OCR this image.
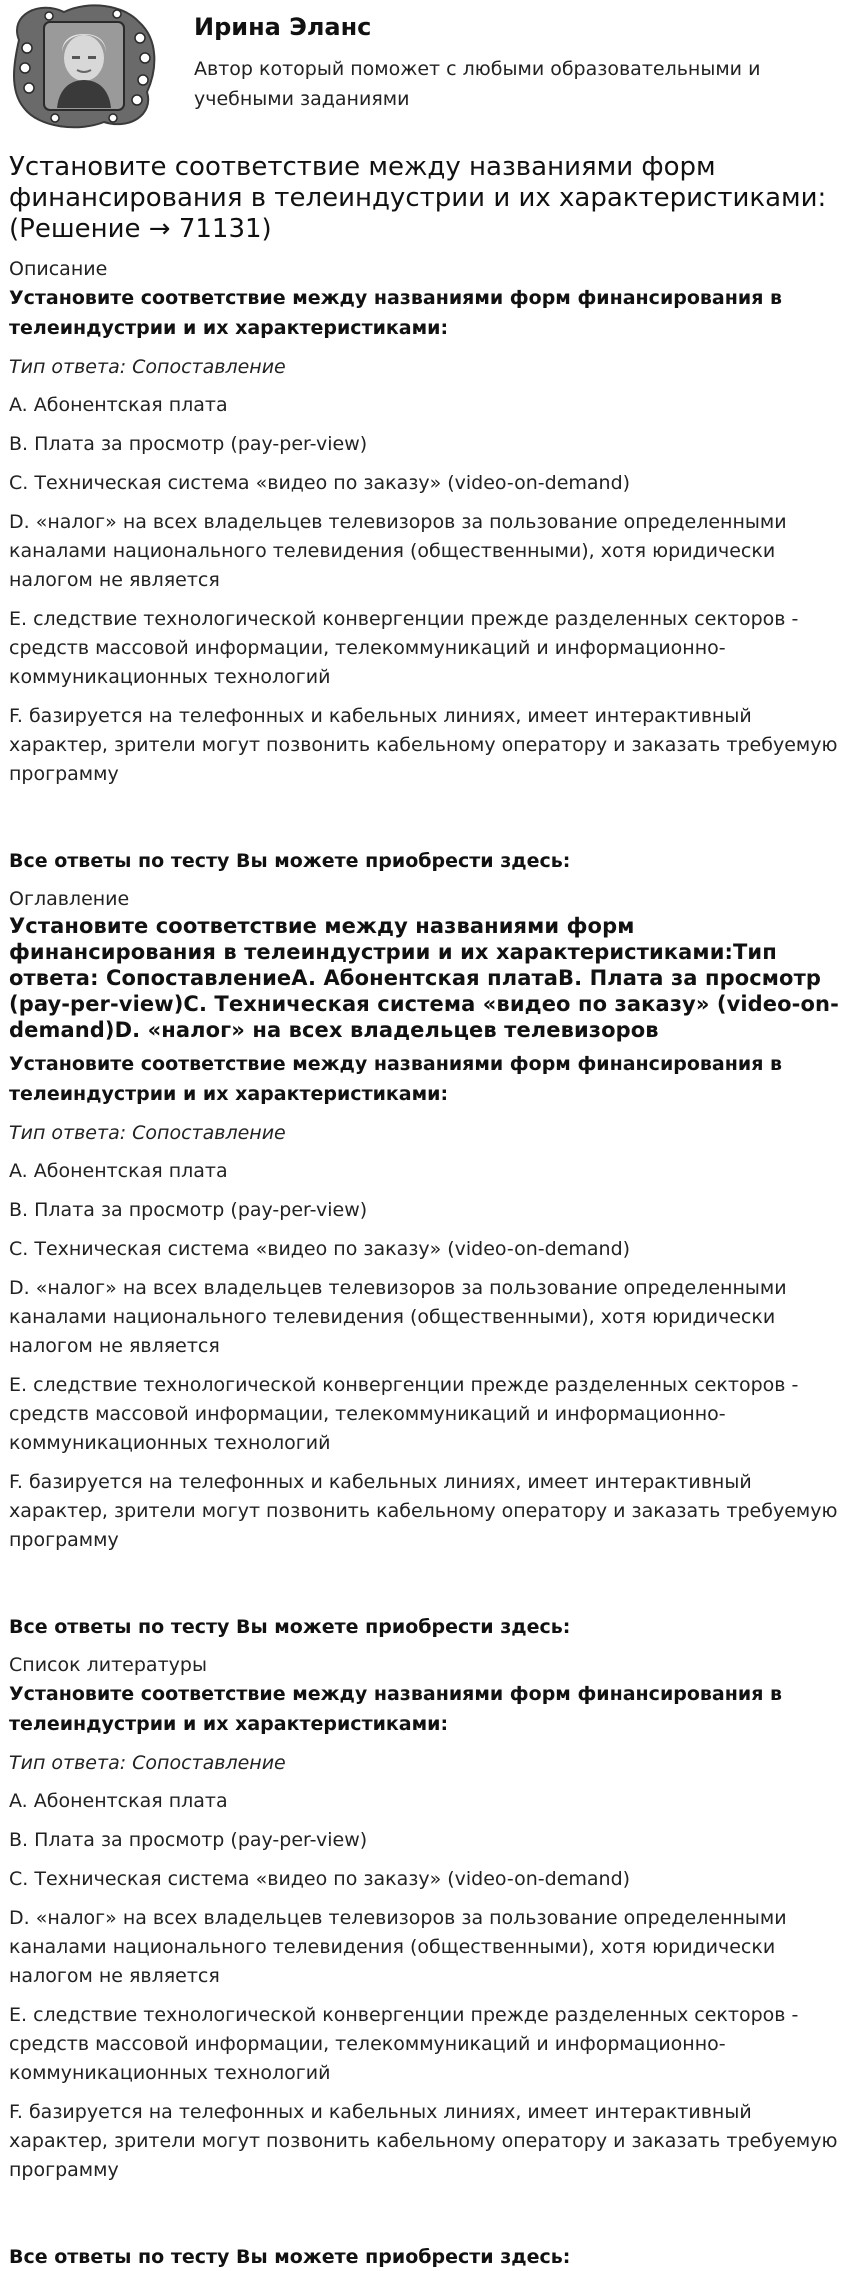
Ирина Эланс

Автор который поможет с любыми образовательными и учебными заданиями

Установите соответствие между названиями форм финансирования в телеиндустрии и их характеристиками: (Решение → 71131)

Описание

Установите соответствие между названиями форм финансирования в телеиндустрии и их характеристиками:

Тип ответа: Сопоставление

A. Абонентская плата

B. Плата за просмотр (pay-per-view)

C. Техническая система «видео по заказу» (video-on-demand)

D. «налог» на всех владельцев телевизоров за пользование определенными каналами национального телевидения (общественными), хотя юридически налогом не является

E. следствие технологической конвергенции прежде разделенных секторов - средств массовой информации, телекоммуникаций и информационно-коммуникационных технологий

F. базируется на телефонных и кабельных линиях, имеет интерактивный характер, зрители могут позвонить кабельному оператору и заказать требуемую программу

Все ответы по тесту Вы можете приобрести здесь:

Оглавление

Установите соответствие между названиями форм финансирования в телеиндустрии и их характеристиками:Тип ответа: СопоставлениеA. Абонентская платаB. Плата за просмотр (pay-per-view)C. Техническая система «видео по заказу» (video-on-demand)D. «налог» на всех владельцев телевизоров

Установите соответствие между названиями форм финансирования в телеиндустрии и их характеристиками:

Тип ответа: Сопоставление

A. Абонентская плата

B. Плата за просмотр (pay-per-view)

C. Техническая система «видео по заказу» (video-on-demand)

D. «налог» на всех владельцев телевизоров за пользование определенными каналами национального телевидения (общественными), хотя юридически налогом не является

E. следствие технологической конвергенции прежде разделенных секторов - средств массовой информации, телекоммуникаций и информационно-коммуникационных технологий

F. базируется на телефонных и кабельных линиях, имеет интерактивный характер, зрители могут позвонить кабельному оператору и заказать требуемую программу

Все ответы по тесту Вы можете приобрести здесь:

Список литературы

Установите соответствие между названиями форм финансирования в телеиндустрии и их характеристиками:

Тип ответа: Сопоставление

A. Абонентская плата

B. Плата за просмотр (pay-per-view)

C. Техническая система «видео по заказу» (video-on-demand)

D. «налог» на всех владельцев телевизоров за пользование определенными каналами национального телевидения (общественными), хотя юридически налогом не является

E. следствие технологической конвергенции прежде разделенных секторов - средств массовой информации, телекоммуникаций и информационно-коммуникационных технологий

F. базируется на телефонных и кабельных линиях, имеет интерактивный характер, зрители могут позвонить кабельному оператору и заказать требуемую программу

Все ответы по тесту Вы можете приобрести здесь:
